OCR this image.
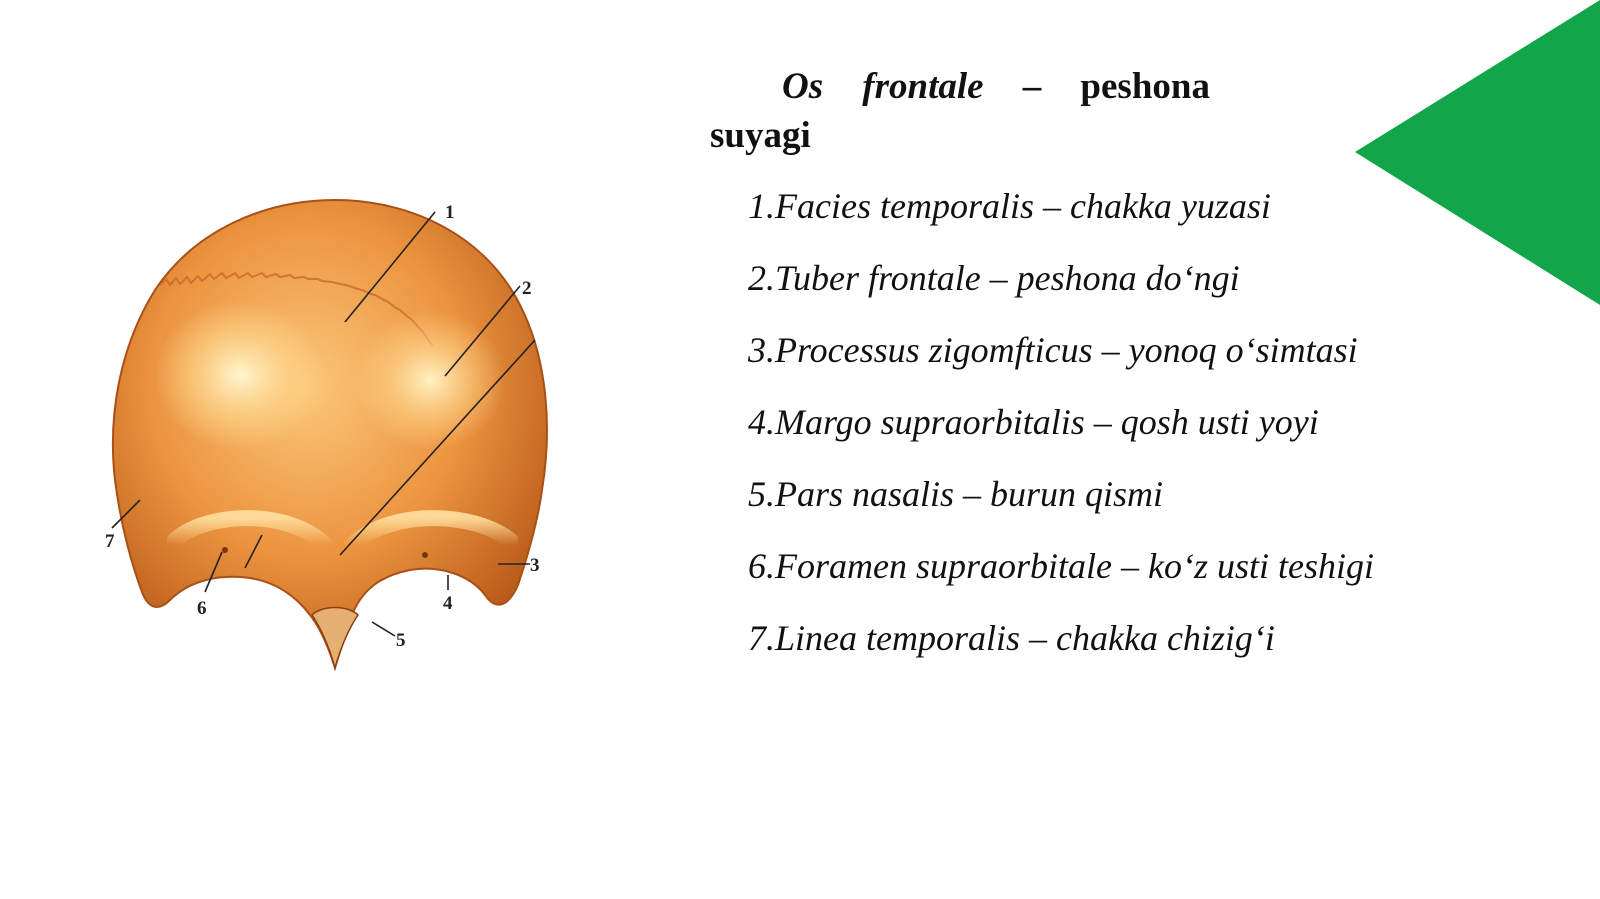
Os frontale – peshona
suyagi
1.Facies temporalis – chakka yuzasi
2.Tuber frontale – peshona do‘ngi
3.Processus zigomfticus – yonoq o‘simtasi
4.Margo supraorbitalis – qosh usti yoyi
5.Pars nasalis – burun qismi
6.Foramen supraorbitale – ko‘z usti teshigi
7.Linea temporalis – chakka chizig‘i
1
2
3
4
5
6
7
